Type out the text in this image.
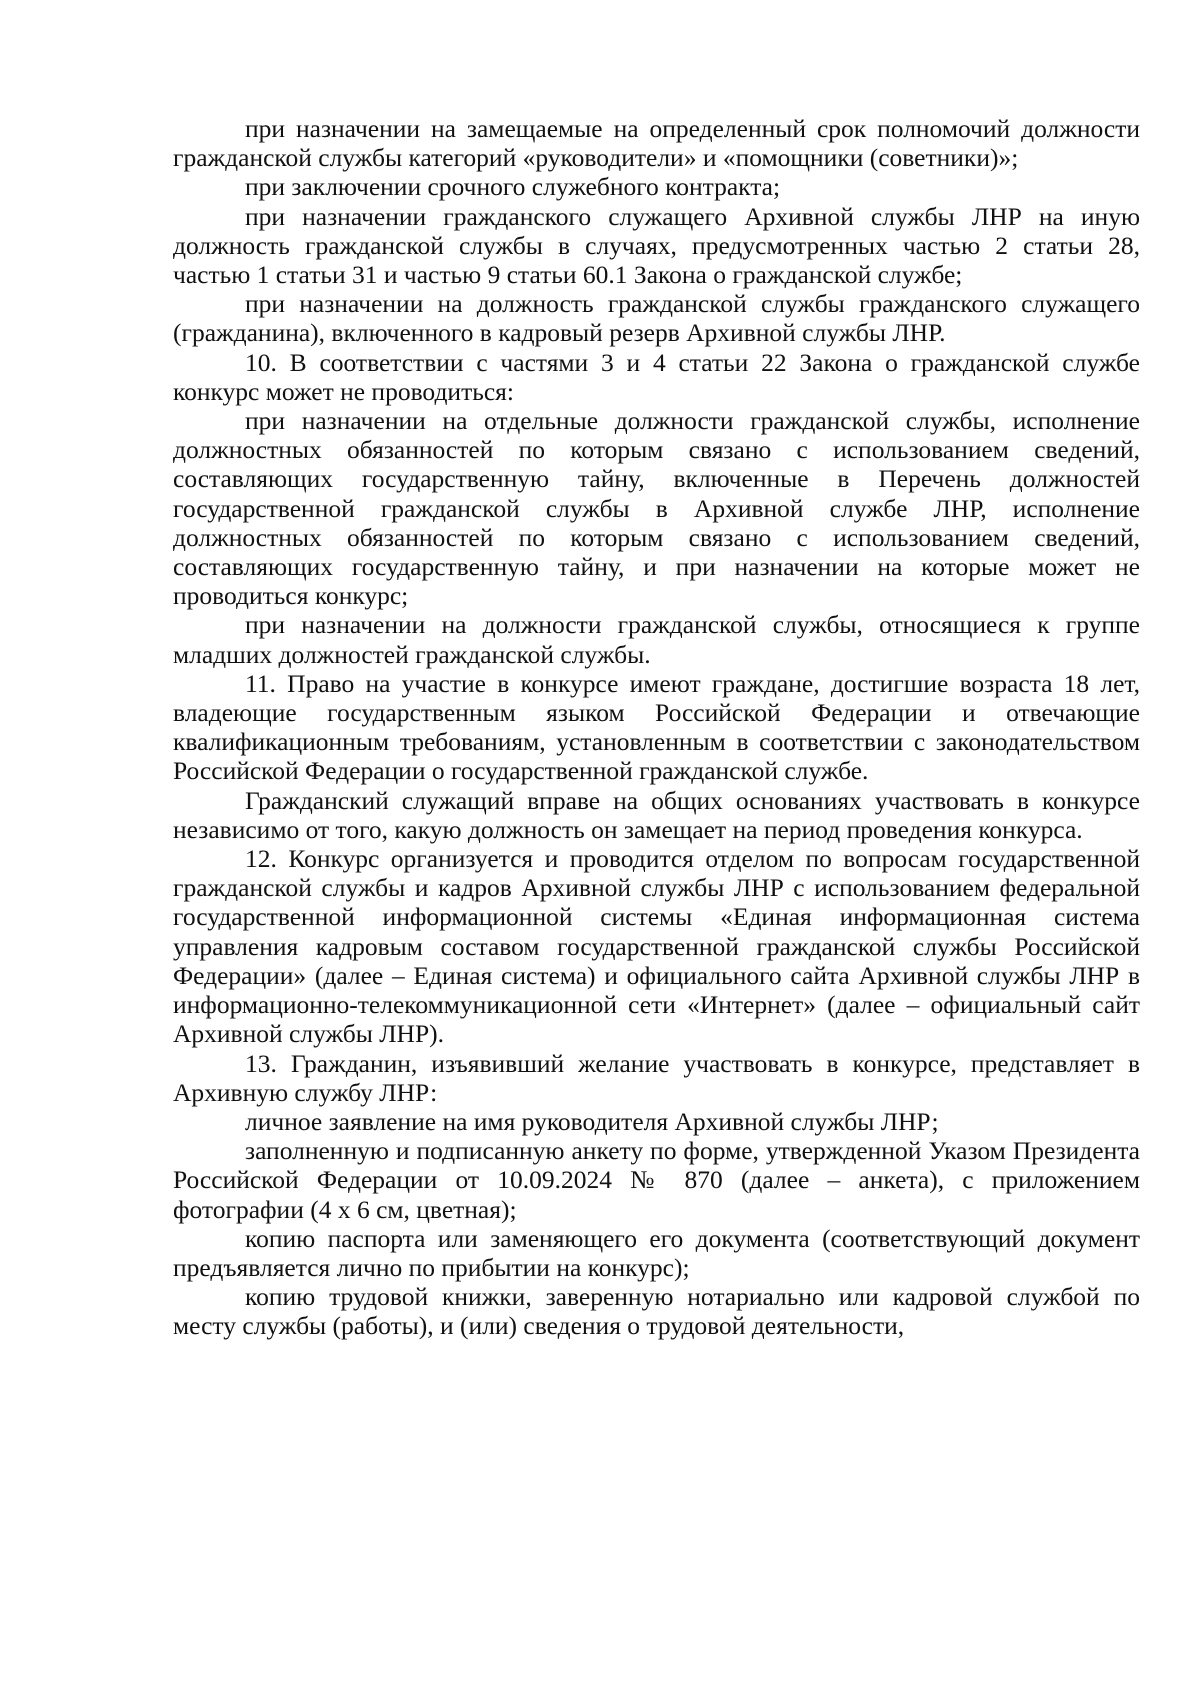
при назначении на замещаемые на определенный срок полномочий должности гражданской службы категорий «руководители» и «помощники (советники)»;

при заключении срочного служебного контракта;

при назначении гражданского служащего Архивной службы ЛНР на иную должность гражданской службы в случаях, предусмотренных частью 2 статьи 28, частью 1 статьи 31 и частью 9 статьи 60.1 Закона о гражданской службе;

при назначении на должность гражданской службы гражданского служащего (гражданина), включенного в кадровый резерв Архивной службы ЛНР.

10. В соответствии с частями 3 и 4 статьи 22 Закона о гражданской службе конкурс может не проводиться:

при назначении на отдельные должности гражданской службы, исполнение должностных обязанностей по которым связано с использованием сведений, составляющих государственную тайну, включенные в Перечень должностей государственной гражданской службы в Архивной службе ЛНР, исполнение должностных обязанностей по которым связано с использованием сведений, составляющих государственную тайну, и при назначении на которые может не проводиться конкурс;

при назначении на должности гражданской службы, относящиеся к группе младших должностей гражданской службы.

11. Право на участие в конкурсе имеют граждане, достигшие возраста 18 лет, владеющие государственным языком Российской Федерации и отвечающие квалификационным требованиям, установленным в соответствии с законодательством Российской Федерации о государственной гражданской службе.

Гражданский служащий вправе на общих основаниях участвовать в конкурсе независимо от того, какую должность он замещает на период проведения конкурса.

12. Конкурс организуется и проводится отделом по вопросам государственной гражданской службы и кадров Архивной службы ЛНР с использованием федеральной государственной информационной системы «Единая информационная система управления кадровым составом государственной гражданской службы Российской Федерации» (далее – Единая система) и официального сайта Архивной службы ЛНР в информационно-телекоммуникационной сети «Интернет» (далее – официальный сайт Архивной службы ЛНР).

13. Гражданин, изъявивший желание участвовать в конкурсе, представляет в Архивную службу ЛНР:

личное заявление на имя руководителя Архивной службы ЛНР;

заполненную и подписанную анкету по форме, утвержденной Указом Президента Российской Федерации от 10.09.2024 № 870 (далее – анкета), с приложением фотографии (4 x 6 см, цветная);

копию паспорта или заменяющего его документа (соответствующий документ предъявляется лично по прибытии на конкурс);

копию трудовой книжки, заверенную нотариально или кадровой службой по месту службы (работы), и (или) сведения о трудовой деятельности,
